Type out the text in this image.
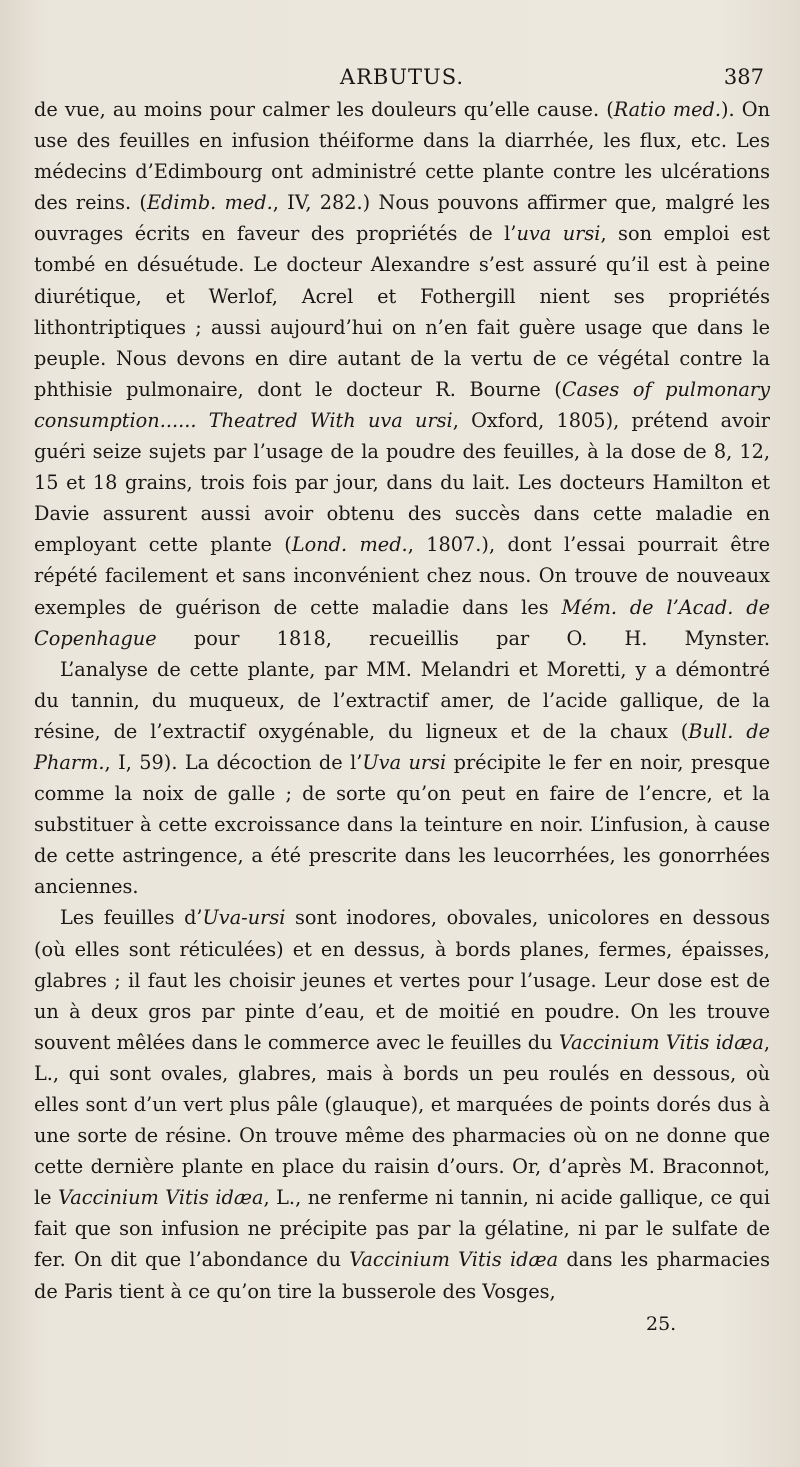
ARBUTUS.	387

de vue, au moins pour calmer les douleurs qu’elle cause. (Ratio med.). On use des feuilles en infusion théiforme dans la diarrhée, les flux, etc. Les médecins d’Edimbourg ont administré cette plante contre les ulcérations des reins. (Edimb. med., IV, 282.) Nous pouvons affirmer que, malgré les ouvrages écrits en faveur des propriétés de l’uva ursi, son emploi est tombé en désuétude. Le docteur Alexandre s’est assuré qu’il est à peine diurétique, et Werlof, Acrel et Fothergill nient ses propriétés lithontriptiques ; aussi aujourd’hui on n’en fait guère usage que dans le peuple. Nous devons en dire autant de la vertu de ce végétal contre la phthisie pulmonaire, dont le docteur R. Bourne (Cases of pulmonary consumption...... Theatred With uva ursi, Oxford, 1805), prétend avoir guéri seize sujets par l’usage de la poudre des feuilles, à la dose de 8, 12, 15 et 18 grains, trois fois par jour, dans du lait. Les docteurs Hamilton et Davie assurent aussi avoir obtenu des succès dans cette maladie en employant cette plante (Lond. med., 1807.), dont l’essai pourrait être répété facilement et sans inconvénient chez nous. On trouve de nouveaux exemples de guérison de cette maladie dans les Mém. de l’Acad. de Copenhague pour 1818, recueillis par O. H. Mynster.

L’analyse de cette plante, par MM. Melandri et Moretti, y a démontré du tannin, du muqueux, de l’extractif amer, de l’acide gallique, de la résine, de l’extractif oxygénable, du ligneux et de la chaux (Bull. de Pharm., I, 59). La décoction de l’Uva ursi précipite le fer en noir, presque comme la noix de galle ; de sorte qu’on peut en faire de l’encre, et la substituer à cette excroissance dans la teinture en noir. L’infusion, à cause de cette astringence, a été prescrite dans les leucorrhées, les gonorrhées anciennes.

Les feuilles d’Uva-ursi sont inodores, obovales, unicolores en dessous (où elles sont réticulées) et en dessus, à bords planes, fermes, épaisses, glabres ; il faut les choisir jeunes et vertes pour l’usage. Leur dose est de un à deux gros par pinte d’eau, et de moitié en poudre. On les trouve souvent mêlées dans le commerce avec le feuilles du Vaccinium Vitis idæa, L., qui sont ovales, glabres, mais à bords un peu roulés en dessous, où elles sont d’un vert plus pâle (glauque), et marquées de points dorés dus à une sorte de résine. On trouve même des pharmacies où on ne donne que cette dernière plante en place du raisin d’ours. Or, d’après M. Braconnot, le Vaccinium Vitis idæa, L., ne renferme ni tannin, ni acide gallique, ce qui fait que son infusion ne précipite pas par la gélatine, ni par le sulfate de fer. On dit que l’abondance du Vaccinium Vitis idæa dans les pharmacies de Paris tient à ce qu’on tire la busserole des Vosges,

25.
